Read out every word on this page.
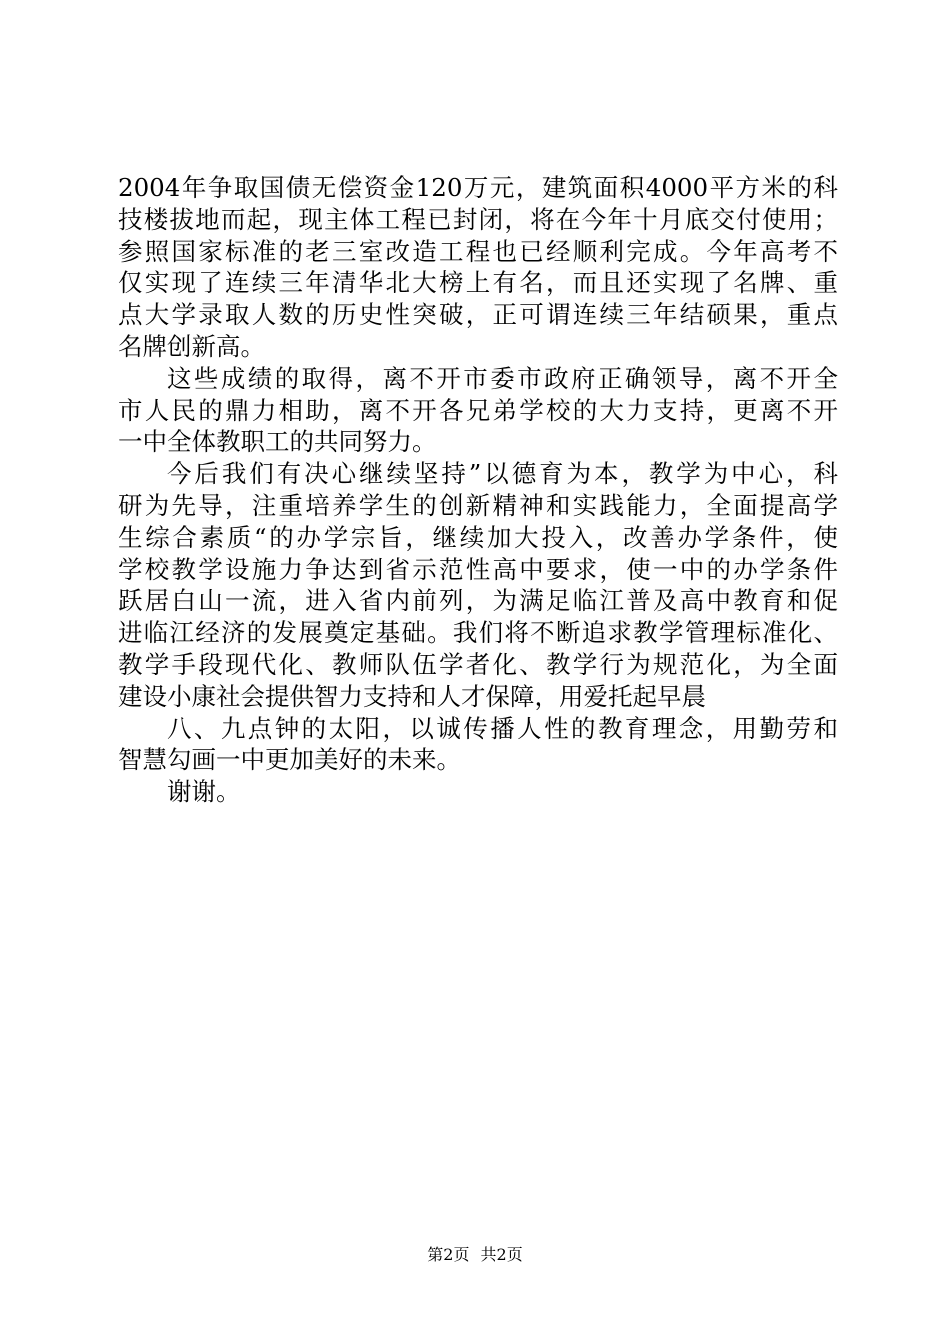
2004年争取国债无偿资金120万元，建筑面积4000平方米的科
技楼拔地而起，现主体工程已封闭，将在今年十月底交付使用；
参照国家标准的老三室改造工程也已经顺利完成。今年高考不
仅实现了连续三年清华北大榜上有名，而且还实现了名牌、重
点大学录取人数的历史性突破，正可谓连续三年结硕果，重点
名牌创新高。
这些成绩的取得，离不开市委市政府正确领导，离不开全
市人民的鼎力相助，离不开各兄弟学校的大力支持，更离不开
一中全体教职工的共同努力。
今后我们有决心继续坚持”以德育为本，教学为中心，科
研为先导，注重培养学生的创新精神和实践能力，全面提高学
生综合素质“的办学宗旨，继续加大投入，改善办学条件，使
学校教学设施力争达到省示范性高中要求，使一中的办学条件
跃居白山一流，进入省内前列，为满足临江普及高中教育和促
进临江经济的发展奠定基础。我们将不断追求教学管理标准化、
教学手段现代化、教师队伍学者化、教学行为规范化，为全面
建设小康社会提供智力支持和人才保障，用爱托起早晨
八、九点钟的太阳，以诚传播人性的教育理念，用勤劳和
智慧勾画一中更加美好的未来。
谢谢。
第2页 共2页
